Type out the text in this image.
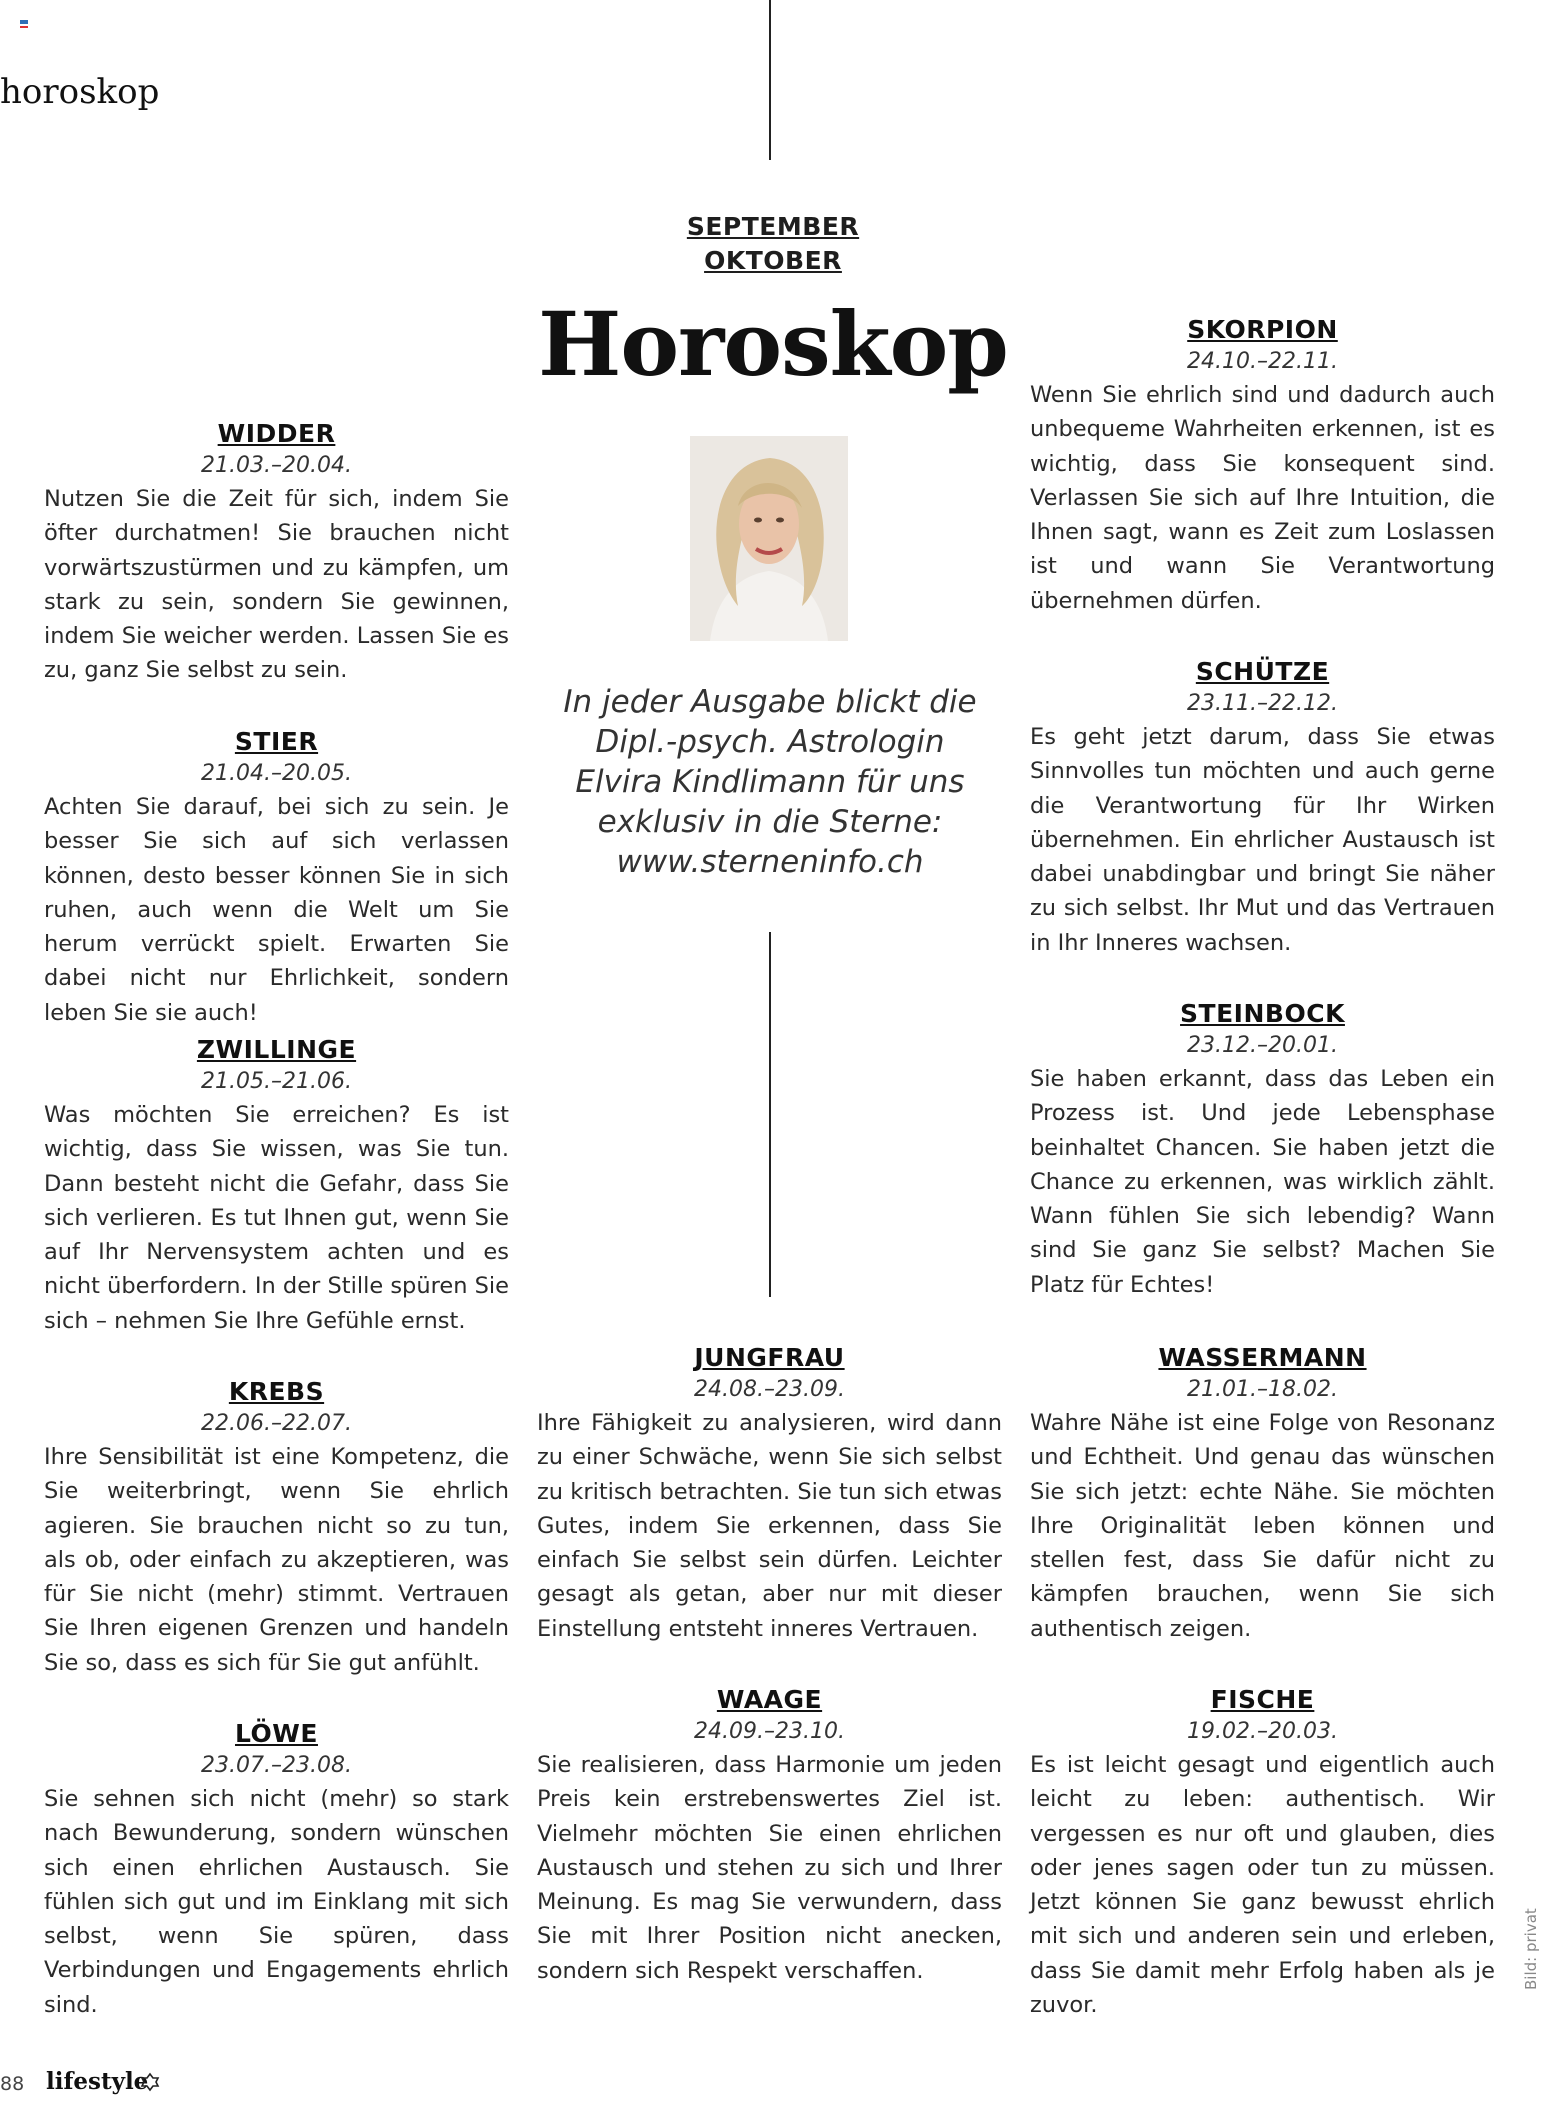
horoskop
SEPTEMBER
OKTOBER
Horoskop
In jeder Ausgabe blickt die
Dipl.-psych. Astrologin
Elvira Kindlimann für uns
exklusiv in die Sterne:
www.sterneninfo.ch
WIDDER
21.03.–20.04.
Nutzen Sie die Zeit für sich, indem Sie öfter durchatmen! Sie brauchen nicht vorwärtszustürmen und zu kämpfen, um stark zu sein, sondern Sie gewinnen, indem Sie weicher werden. Lassen Sie es zu, ganz Sie selbst zu sein.
STIER
21.04.–20.05.
Achten Sie darauf, bei sich zu sein. Je besser Sie sich auf sich verlassen können, desto besser können Sie in sich ruhen, auch wenn die Welt um Sie herum verrückt spielt. Erwarten Sie dabei nicht nur Ehrlichkeit, sondern leben Sie sie auch!
ZWILLINGE
21.05.–21.06.
Was möchten Sie erreichen? Es ist wichtig, dass Sie wissen, was Sie tun. Dann besteht nicht die Gefahr, dass Sie sich verlieren. Es tut Ihnen gut, wenn Sie auf Ihr Nervensystem achten und es nicht überfordern. In der Stille spüren Sie sich – nehmen Sie Ihre Gefühle ernst.
KREBS
22.06.–22.07.
Ihre Sensibilität ist eine Kompetenz, die Sie weiterbringt, wenn Sie ehrlich agieren. Sie brauchen nicht so zu tun, als ob, oder einfach zu akzeptieren, was für Sie nicht (mehr) stimmt. Vertrauen Sie Ihren eigenen Grenzen und handeln Sie so, dass es sich für Sie gut anfühlt.
LÖWE
23.07.–23.08.
Sie sehnen sich nicht (mehr) so stark nach Bewunderung, sondern wünschen sich einen ehrlichen Austausch. Sie fühlen sich gut und im Einklang mit sich selbst, wenn Sie spüren, dass Verbindungen und Engagements ehrlich sind.
JUNGFRAU
24.08.–23.09.
Ihre Fähigkeit zu analysieren, wird dann zu einer Schwäche, wenn Sie sich selbst zu kritisch betrachten. Sie tun sich etwas Gutes, indem Sie erkennen, dass Sie einfach Sie selbst sein dürfen. Leichter gesagt als getan, aber nur mit dieser Einstellung entsteht inneres Vertrauen.
WAAGE
24.09.–23.10.
Sie realisieren, dass Harmonie um jeden Preis kein erstrebenswertes Ziel ist. Vielmehr möchten Sie einen ehrlichen Austausch und stehen zu sich und Ihrer Meinung. Es mag Sie verwundern, dass Sie mit Ihrer Position nicht anecken, sondern sich Respekt verschaffen.
SKORPION
24.10.–22.11.
Wenn Sie ehrlich sind und dadurch auch unbequeme Wahrheiten erkennen, ist es wichtig, dass Sie konsequent sind. Verlassen Sie sich auf Ihre Intuition, die Ihnen sagt, wann es Zeit zum Loslassen ist und wann Sie Verantwortung übernehmen dürfen.
SCHÜTZE
23.11.–22.12.
Es geht jetzt darum, dass Sie etwas Sinnvolles tun möchten und auch gerne die Verantwortung für Ihr Wirken übernehmen. Ein ehrlicher Austausch ist dabei unabdingbar und bringt Sie näher zu sich selbst. Ihr Mut und das Vertrauen in Ihr Inneres wachsen.
STEINBOCK
23.12.–20.01.
Sie haben erkannt, dass das Leben ein Prozess ist. Und jede Lebensphase beinhaltet Chancen. Sie haben jetzt die Chance zu erkennen, was wirklich zählt. Wann fühlen Sie sich lebendig? Wann sind Sie ganz Sie selbst? Machen Sie Platz für Echtes!
WASSERMANN
21.01.–18.02.
Wahre Nähe ist eine Folge von Resonanz und Echtheit. Und genau das wünschen Sie sich jetzt: echte Nähe. Sie möchten Ihre Originalität leben können und stellen fest, dass Sie dafür nicht zu kämpfen brauchen, wenn Sie sich authentisch zeigen.
FISCHE
19.02.–20.03.
Es ist leicht gesagt und eigentlich auch leicht zu leben: authentisch. Wir vergessen es nur oft und glauben, dies oder jenes sagen oder tun zu müssen. Jetzt können Sie ganz bewusst ehrlich mit sich und anderen sein und erleben, dass Sie damit mehr Erfolg haben als je zuvor.
Bild: privat
88 lifestyle
